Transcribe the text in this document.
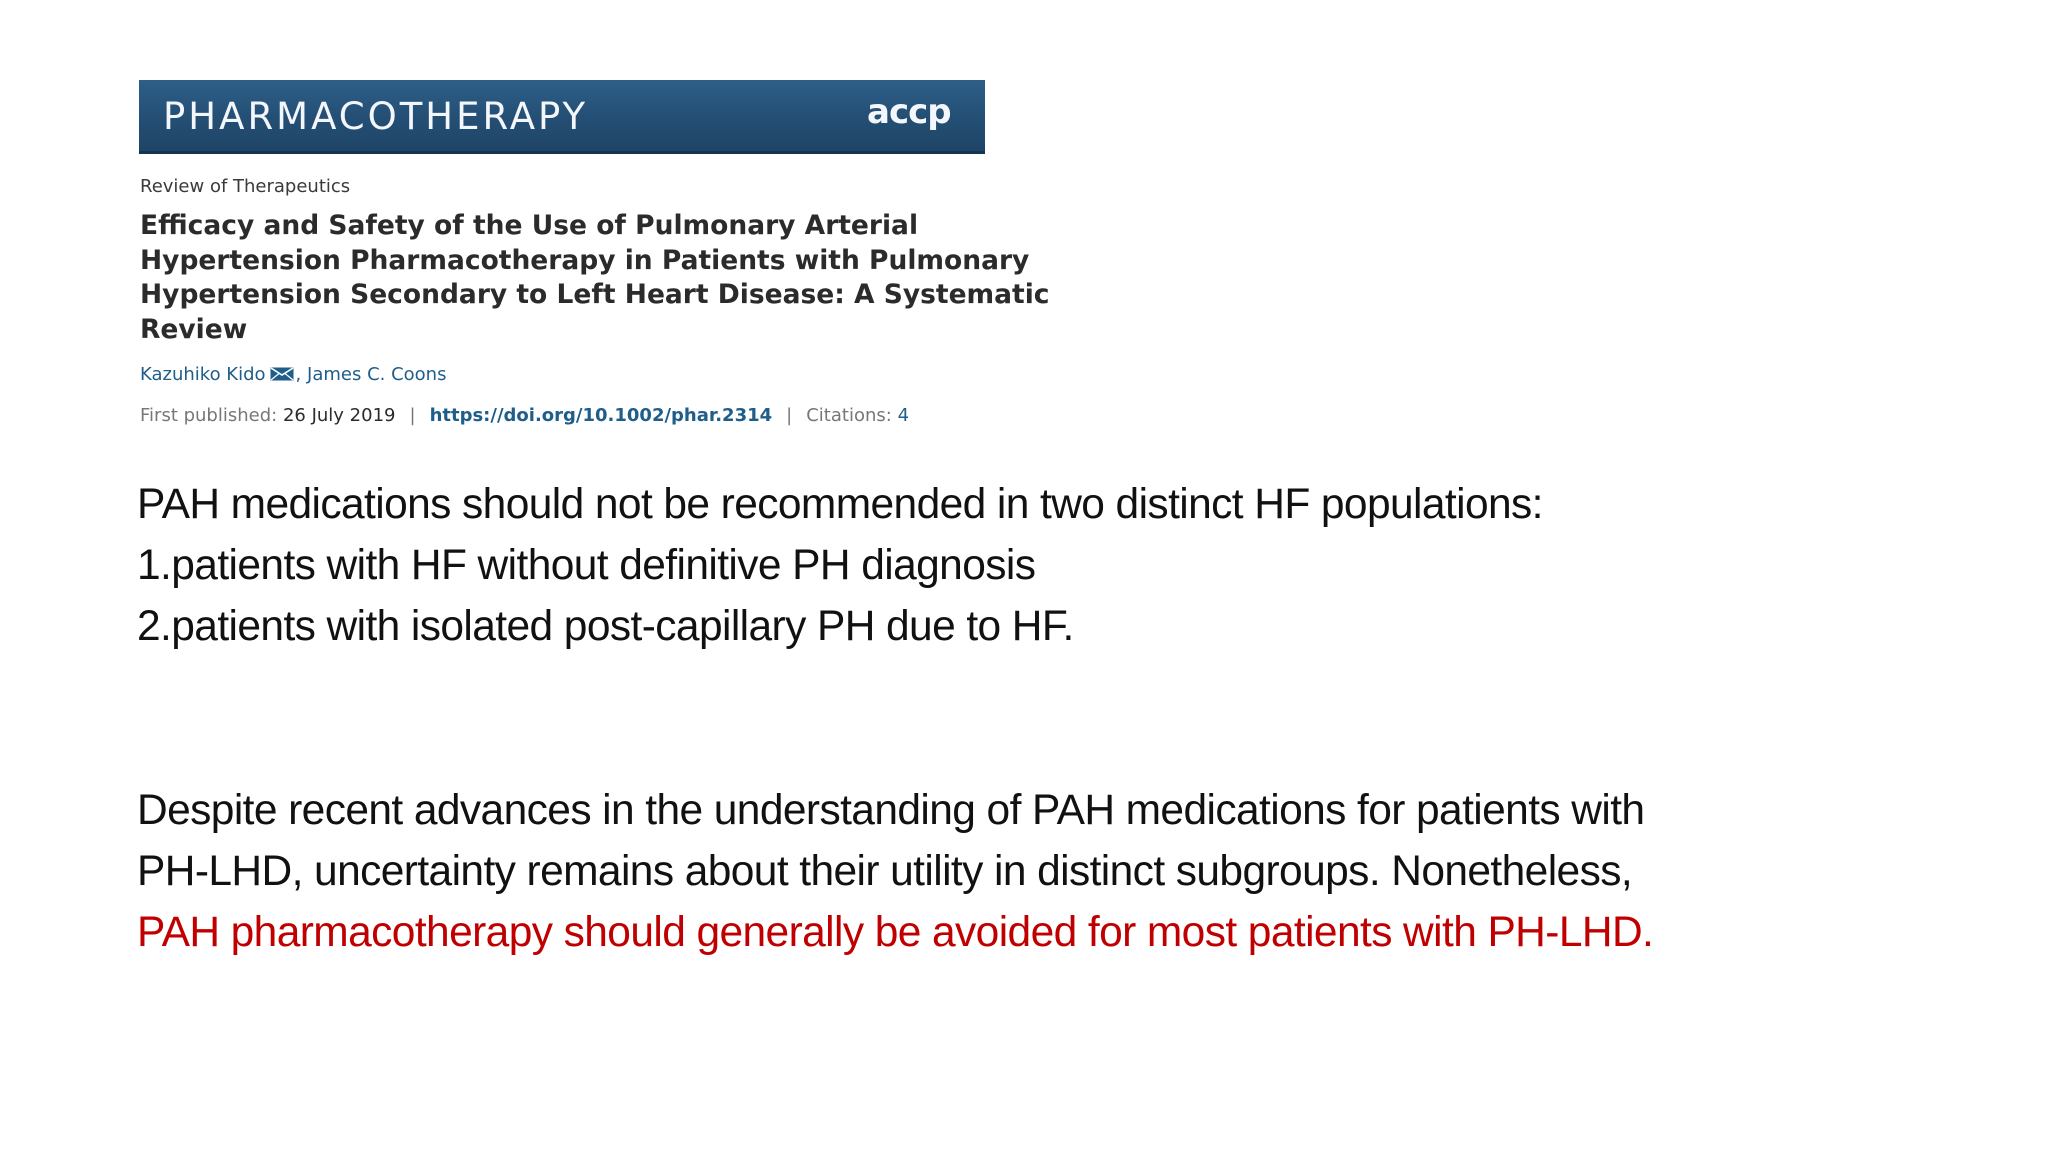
PHARMACOTHERAPY	accp
Review of Therapeutics
Efficacy and Safety of the Use of Pulmonary Arterial
Hypertension Pharmacotherapy in Patients with Pulmonary
Hypertension Secondary to Left Heart Disease: A Systematic
Review
Kazuhiko Kido , James C. Coons
First published: 26 July 2019 | https://doi.org/10.1002/phar.2314 | Citations: 4
PAH medications should not be recommended in two distinct HF populations:
1.patients with HF without definitive PH diagnosis
2.patients with isolated post-capillary PH due to HF.
Despite recent advances in the understanding of PAH medications for patients with
PH-LHD, uncertainty remains about their utility in distinct subgroups. Nonetheless,
PAH pharmacotherapy should generally be avoided for most patients with PH-LHD.
